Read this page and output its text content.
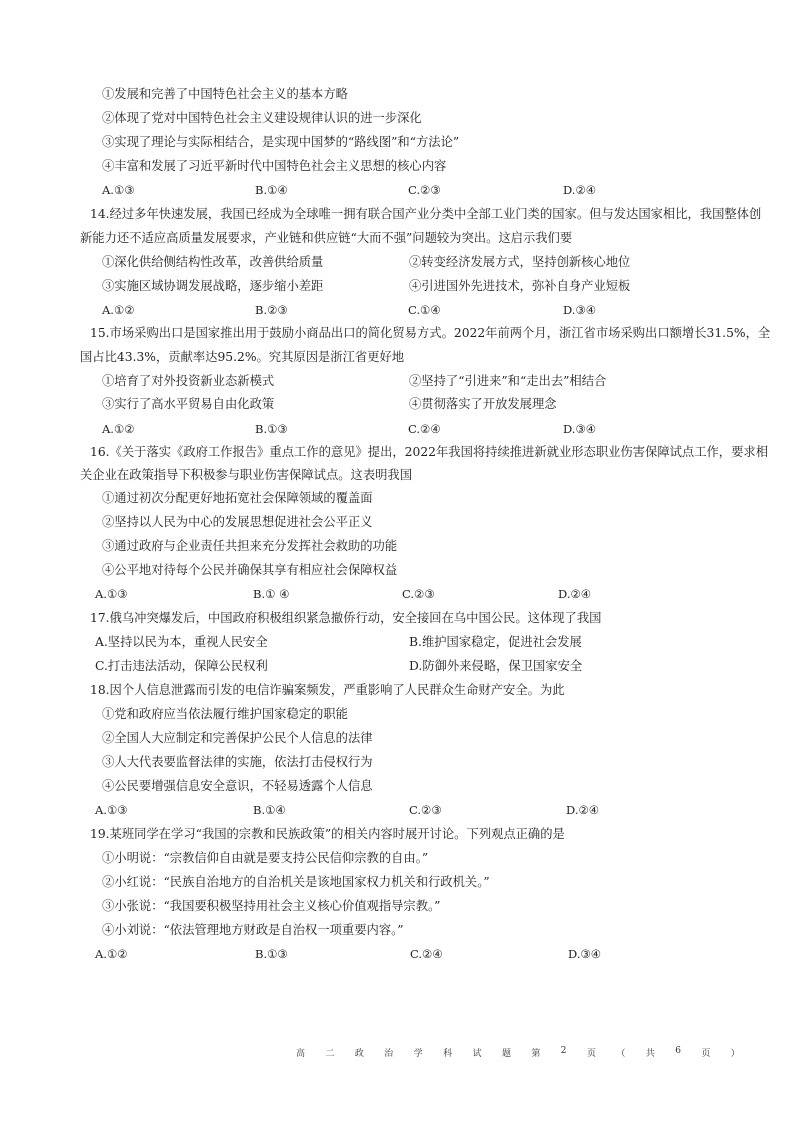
①发展和完善了中国特色社会主义的基本方略
②体现了党对中国特色社会主义建设规律认识的进一步深化
③实现了理论与实际相结合，是实现中国梦的“路线图”和“方法论”
④丰富和发展了习近平新时代中国特色社会主义思想的核心内容
A.①③	B.①④	C.②③	D.②④
14.经过多年快速发展，我国已经成为全球唯一拥有联合国产业分类中全部工业门类的国家。但与发达国家相比，我国整体创
新能力还不适应高质量发展要求，产业链和供应链“大而不强”问题较为突出。这启示我们要
①深化供给侧结构性改革，改善供给质量	②转变经济发展方式，坚持创新核心地位
③实施区域协调发展战略，逐步缩小差距	④引进国外先进技术，弥补自身产业短板
A.①②	B.②③	C.①④	D.③④
15.市场采购出口是国家推出用于鼓励小商品出口的简化贸易方式。2022年前两个月，浙江省市场采购出口额增长31.5%，全
国占比43.3%，贡献率达95.2%。究其原因是浙江省更好地
①培育了对外投资新业态新模式	②坚持了“引进来”和“走出去”相结合
③实行了高水平贸易自由化政策	④贯彻落实了开放发展理念
A.①②	B.①③	C.②④	D.③④
16.《关于落实《政府工作报告》重点工作的意见》提出，2022年我国将持续推进新就业形态职业伤害保障试点工作，要求相
关企业在政策指导下积极参与职业伤害保障试点。这表明我国
①通过初次分配更好地拓宽社会保障领域的覆盖面
②坚持以人民为中心的发展思想促进社会公平正义
③通过政府与企业责任共担来充分发挥社会救助的功能
④公平地对待每个公民并确保其享有相应社会保障权益
A.①③	B.① ④	C.②③	D.②④
17.俄乌冲突爆发后，中国政府积极组织紧急撤侨行动，安全接回在乌中国公民。这体现了我国
A.坚持以民为本，重视人民安全	B.维护国家稳定，促进社会发展
C.打击违法活动，保障公民权利	D.防御外来侵略，保卫国家安全
18.因个人信息泄露而引发的电信诈骗案频发，严重影响了人民群众生命财产安全。为此
①党和政府应当依法履行维护国家稳定的职能
②全国人大应制定和完善保护公民个人信息的法律
③人大代表要监督法律的实施，依法打击侵权行为
④公民要增强信息安全意识，不轻易透露个人信息
A.①③	B.①④	C.②③	D.②④
19.某班同学在学习“我国的宗教和民族政策”的相关内容时展开讨论。下列观点正确的是
①小明说：“宗教信仰自由就是要支持公民信仰宗教的自由。”
②小红说：“民族自治地方的自治机关是该地国家权力机关和行政机关。”
③小张说：“我国要积极坚持用社会主义核心价值观指导宗教。”
④小刘说：“依法管理地方财政是自治权一项重要内容。”
A.①②	B.①③	C.②④	D.③④
高 二 政 治 学 科 试 题 第 2 页 （ 共 6 页 ）
